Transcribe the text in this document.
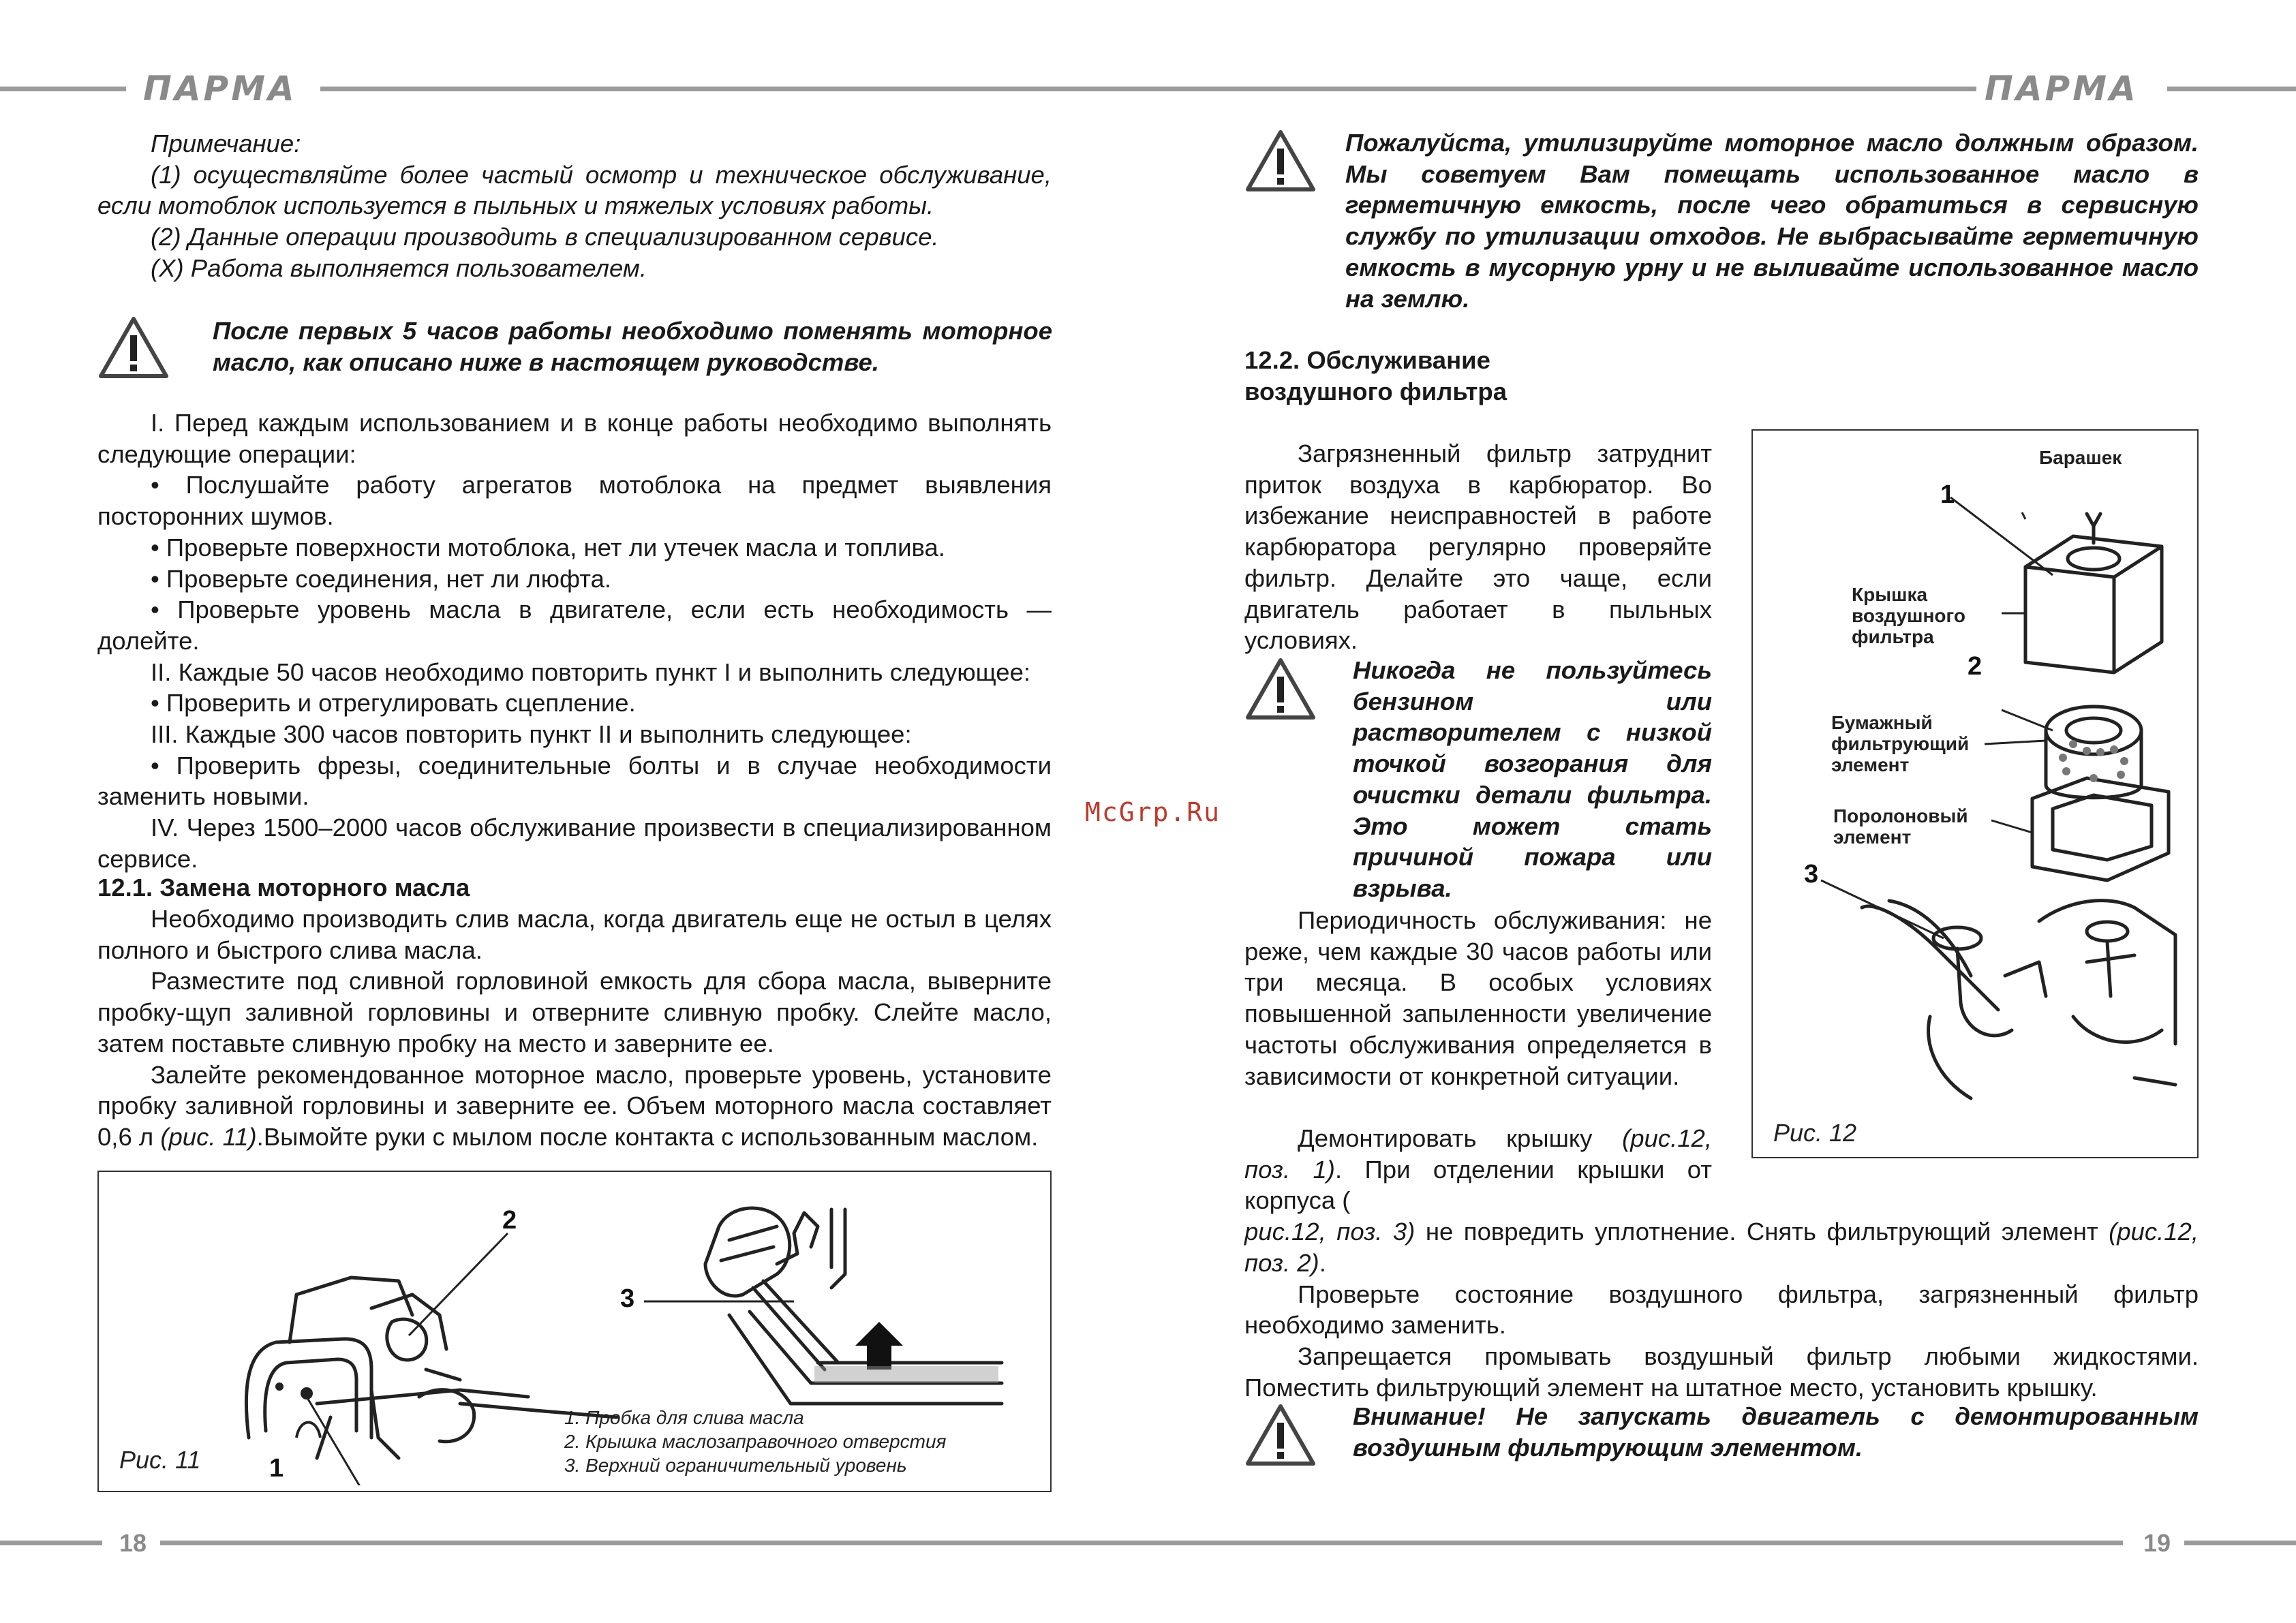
ПАРМА	ПАРМА
18	19
McGrp.Ru

Примечание:

(1) осуществляйте более частый осмотр и техническое обслуживание, если мотоблок используется в пыльных и тяжелых условиях работы.

(2) Данные операции производить в специализированном сервисе.

(X) Работа выполняется пользователем.

После первых 5 часов работы необходимо поменять моторное масло, как описано ниже в настоящем руководстве.

I. Перед каждым использованием и в конце работы необходимо выполнять следующие операции:

• Послушайте работу агрегатов мотоблока на предмет выявления посторонних шумов.

• Проверьте поверхности мотоблока, нет ли утечек масла и топлива.

• Проверьте соединения, нет ли люфта.

• Проверьте уровень масла в двигателе, если есть необходимость — долейте.

II. Каждые 50 часов необходимо повторить пункт I и выполнить следующее:

• Проверить и отрегулировать сцепление.

III. Каждые 300 часов повторить пункт II и выполнить следующее:

• Проверить фрезы, соединительные болты и в случае необходимости заменить новыми.

IV. Через 1500–2000 часов обслуживание произвести в специализированном сервисе.

12.1. Замена моторного масла

Необходимо производить слив масла, когда двигатель еще не остыл в целях полного и быстрого слива масла.

Разместите под сливной горловиной емкость для сбора масла, выверните пробку-щуп заливной горловины и отверните сливную пробку. Слейте масло, затем поставьте сливную пробку на место и заверните ее.

Залейте рекомендованное моторное масло, проверьте уровень, установите пробку заливной горловины и заверните ее. Объем моторного масла составляет 0,6 л (рис. 11).Вымойте руки с мылом после контакта с использованным маслом.

2
1
3

1. Пробка для слива масла

2. Крышка маслозаправочного отверстия

3. Верхний ограничительный уровень

Рис. 11

Пожалуйста, утилизируйте моторное масло должным образом. Мы советуем Вам помещать использованное масло в герметичную емкость, после чего обратиться в сервисную службу по утилизации отходов. Не выбрасывайте герметичную емкость в мусорную урну и не выливайте использованное масло на землю.

12.2. Обслуживание
воздушного фильтра

Загрязненный фильтр затруднит приток воздуха в карбюратор. Во избежание неисправностей в работе карбюратора регулярно проверяйте фильтр. Делайте это чаще, если двигатель работает в пыльных условиях.

Никогда не пользуйтесь бензином или растворителем с низкой точкой возгорания для очистки детали фильтра. Это может стать причиной пожара или взрыва.

Периодичность обслуживания: не реже, чем каждые 30 часов работы или три месяца. В особых условиях повышенной запыленности увеличение частоты обслуживания определяется в зависимости от конкретной ситуации.

Демонтировать крышку (рис.12, поз. 1). При отделении крышки от корпуса (

рис.12, поз. 3) не повредить уплотнение. Снять фильтрующий элемент (рис.12, поз. 2).

Проверьте состояние воздушного фильтра, загрязненный фильтр необходимо заменить.

Запрещается промывать воздушный фильтр любыми жидкостями. Поместить фильтрующий элемент на штатное место, установить крышку.

Внимание! Не запускать двигатель с демонтированным воздушным фильтрующим элементом.

Барашек
1
Крышка воздушного фильтра
2
Бумажный фильтрующий элемент
Поролоновый элемент
3
Рис. 12
